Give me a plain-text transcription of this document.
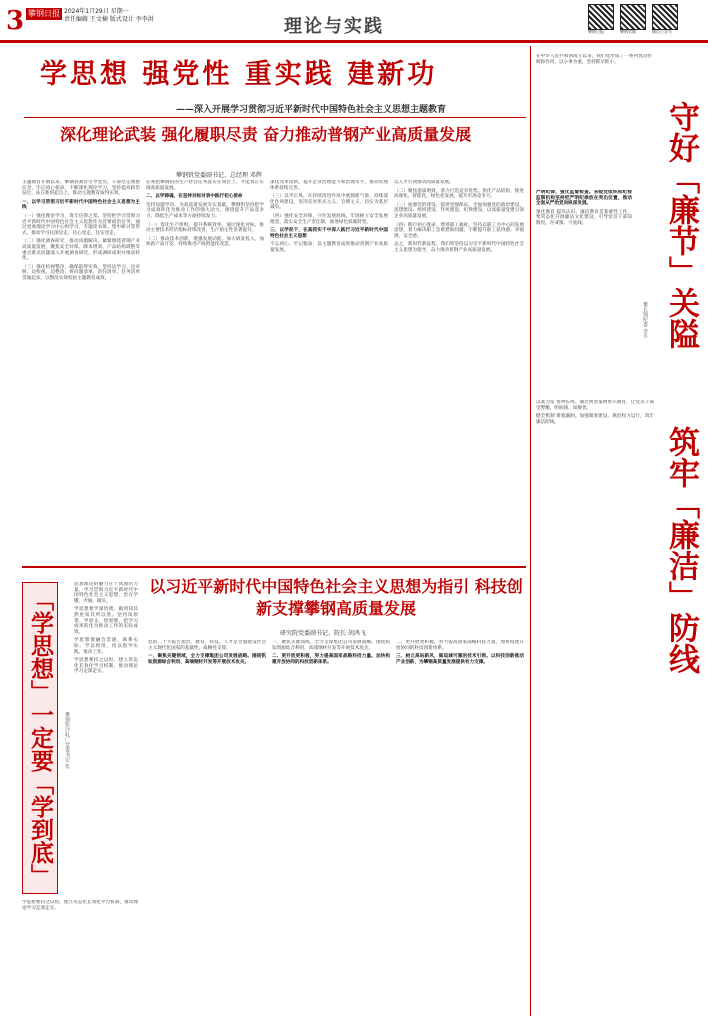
3 攀钢日报 2024年1月29日 星期一
责任编辑 王文楠 版式设计 李李洪	理论与实践	攀钢日报	攀钢官微	微信公众号
学思想 强党性 重实践 建新功
——深入开展学习贯彻习近平新时代中国特色社会主义思想主题教育
深化理论武装 强化履职尽责 奋力推动普钢产业高质量发展
攀钢钒党委副书记、总经理 邓辉

主题教育开展以来，攀钢钒教育引导党员、干部坚定理想信念，牢记初心使命，不断深化理论学习，坚持提高政治站位，站在新的起点上，推动主题教育取得实效。

一、以学习贯彻习近平新时代中国特色社会主义思想为主线

（一）强化理论学习，筑牢信仰之基。坚持把学习贯彻习近平新时代中国特色社会主义思想作为首要政治任务，通过党委理论学习中心组学习、专题读书班、集中研讨等形式，推动学习往深里走、往心里走、往实里走。

（二）强化调查研究，推动问题解决。紧紧围绕普钢产业高质量发展，聚焦安全环保、降本增效、产品结构调整等重点难点问题深入开展调查研究，形成调研成果并推动转化。

（三）强化检视整改，确保取得实效。坚持边学习、边对照、边检视、边整改，将问题清单、责任清单、任务清单贯通起来，以整改实效检验主题教育成效。

必须把攀钢钒的生产经营任务落实在岗位上，才能真正实现高质量发展。

二、以学铸魂，在坚持对标对表中践行初心使命

坚持问题导向，为高质量发展夯实基础。攀钢钒坚持把学习成效转化为推动工作的强大动力，围绕提升产品竞争力、降低生产成本等方面持续发力。

（一）优化生产组织，提升系统效率。通过深化对标，推动主要技术经济指标持续改善，生产稳定性显著提升。

（二）推动技术创新，增强发展动能。加大研发投入，加快新产品开发，持续推进产线智能化改造。

深化改革创新，提升企业治理能力和治理水平，推动管理体系持续完善。

（三）以学正风，在持续改进作风中展现新气象。持续深化作风建设，坚决反对形式主义、官僚主义，切实为基层减负。

（四）强化安全环保，守住发展底线。牢固树立安全发展理念，落实安全生产责任制，推进绿色低碳转型。

三、以学促干，在真抓实干中深入践行习近平新时代中国特色社会主义思想

不忘初心、牢记使命，以主题教育成果推动普钢产业高质量发展。

以人才引领推动高质量发展。

（二）聚焦提质增效，着力打造竞争优势。优化产品结构，推进高端化、智能化、绿色化发展，提升市场竞争力。

（三）加强党的建设，提供坚强保证。全面加强党的政治建设、思想建设、组织建设、作风建设、纪律建设，以高质量党建引领企业高质量发展。

（四）践行初心使命，增进职工福祉。坚持以职工为中心的发展思想，着力解决职工急难愁盼问题，不断提升职工获得感、幸福感、安全感。

总之，新时代新征程，我们将坚持以习近平新时代中国特色社会主义思想为指导，奋力推动普钢产业高质量发展。

在中华人民共和国成立以来，我们党形成了一系列优良传统和作风，以小事为重，坚持抓早抓小。
守好「廉节」关隘
攀长钢纪委 李平

严明纪律，强化监督检查。各级党组织和纪检监察机构坚持把严明纪律放在突出位置，推动全面从严治党向纵深发展。

强化教育 提高认识。廉洁教育是基础性工作，要常态化开展廉洁文化建设，引导党员干部知敬畏、存戒惧、守底线。

筑牢「廉洁」防线

以案为鉴 警钟长鸣。通过典型案例警示教育，让党员干部受警醒、明底线、知敬畏。

健全机制 堵塞漏洞。加强制度建设，规范权力运行，筑牢廉洁防线。

「学思想」一定要「学到底」	攀钢钒冷轧厂党委书记 张

思想理论的魅力在于真理的力量，学习贯彻习近平新时代中国特色社会主义思想，贵在学懂、弄通、做实。

学思想要学深悟透，做到知其然更知其所以然。坚持读原著、学原文、悟原理，把学习成果转化为推动工作的实际成效。

学思想要融会贯通，联系实际、学以致用，用以指导实践、推动工作。

学思想要持之以恒，建立常态化长效化学习机制，推动理论学习走深走实。

学思想要持之以恒，建立常态化长效化学习机制，推动理论学习走深走实。
以习近平新时代中国特色社会主义思想为指引 科技创新支撑攀钢高质量发展
研究院党委副书记、院长 胡鸿飞

党的二十大报告指出，教育、科技、人才是全面建设社会主义现代化国家的基础性、战略性支撑。

一、聚焦关键领域，全力支撑集团公司发展战略。围绕钒钛资源综合利用、高端钢材开发等开展技术攻关。

一、聚焦关键领域，全力支撑集团公司发展战略。围绕钒钛资源综合利用、高端钢材开发等开展技术攻关。

二、更开放更积极，努力提高国家战略科技力量。加快构建开放协同的科技创新体系。

二、更开放更积极，努力提高国家战略科技力量。加快构建开放协同的科技创新体系。

三、树立高站新风，做追城可靠的技术引领。以科技创新推动产业创新，为攀钢高质量发展提供有力支撑。
